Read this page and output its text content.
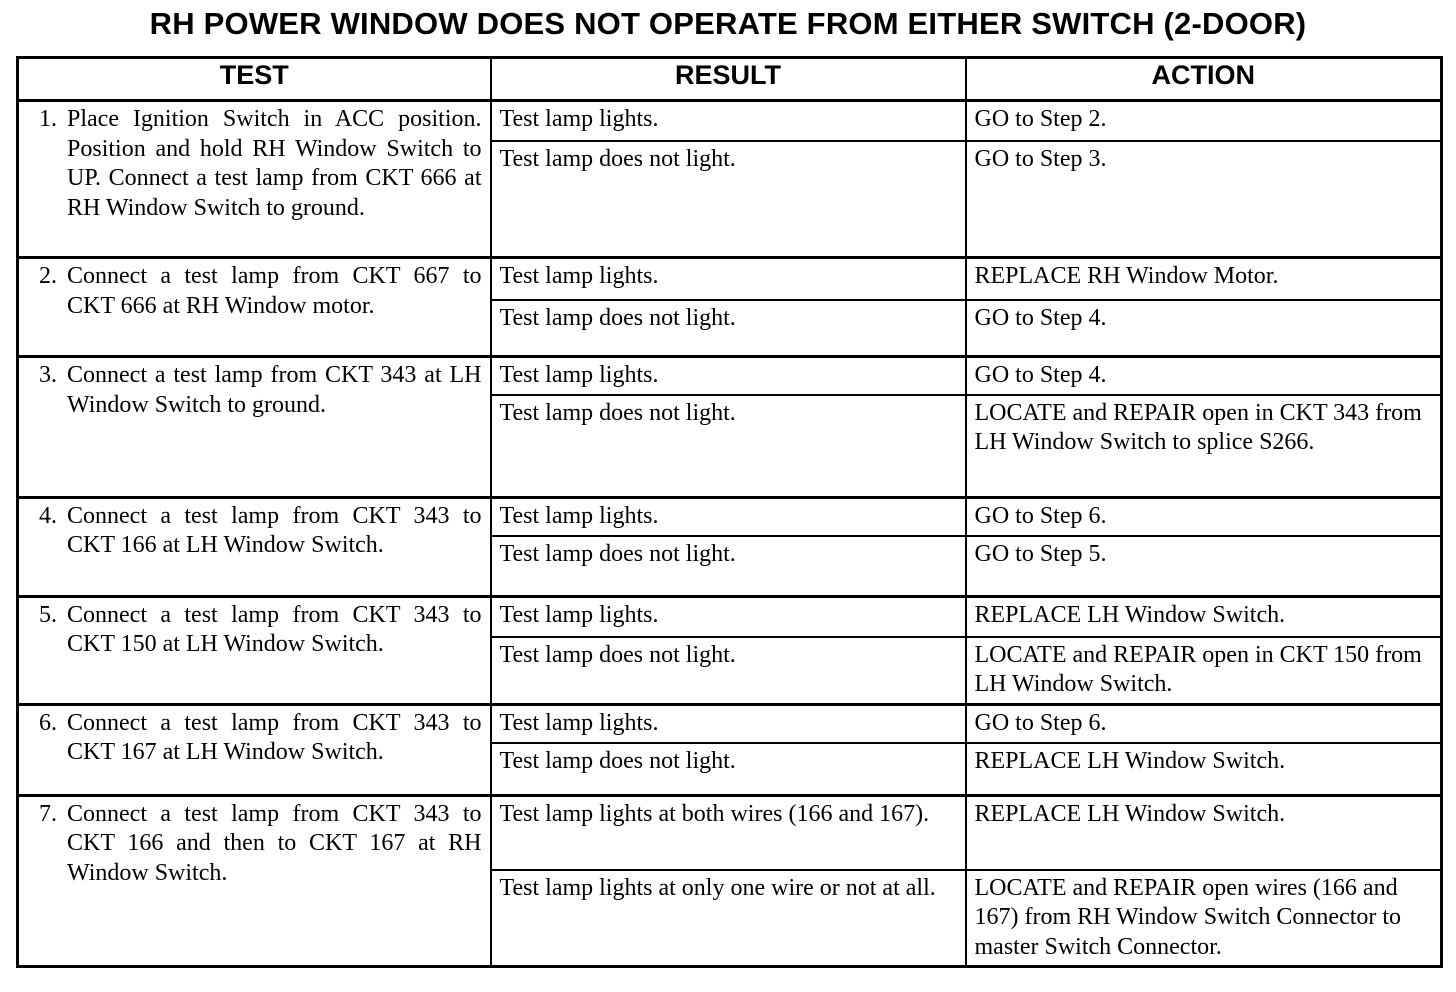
RH POWER WINDOW DOES NOT OPERATE FROM EITHER SWITCH (2-DOOR)
TEST	RESULT	ACTION

1. Place Ignition Switch in ACC position. Position and hold RH Window Switch to UP. Connect a test lamp from CKT 666 at RH Window Switch to ground.	Test lamp lights.	GO to Step 2.
	Test lamp does not light.	GO to Step 3.

2. Connect a test lamp from CKT 667 to CKT 666 at RH Window motor.	Test lamp lights.	REPLACE RH Window Motor.
	Test lamp does not light.	GO to Step 4.

3. Connect a test lamp from CKT 343 at LH Window Switch to ground.	Test lamp lights.	GO to Step 4.
	Test lamp does not light.	LOCATE and REPAIR open in CKT 343 from LH Window Switch to splice S266.

4. Connect a test lamp from CKT 343 to CKT 166 at LH Window Switch.	Test lamp lights.	GO to Step 6.
	Test lamp does not light.	GO to Step 5.

5. Connect a test lamp from CKT 343 to CKT 150 at LH Window Switch.	Test lamp lights.	REPLACE LH Window Switch.
	Test lamp does not light.	LOCATE and REPAIR open in CKT 150 from LH Window Switch.

6. Connect a test lamp from CKT 343 to CKT 167 at LH Window Switch.	Test lamp lights.	GO to Step 6.
	Test lamp does not light.	REPLACE LH Window Switch.

7. Connect a test lamp from CKT 343 to CKT 166 and then to CKT 167 at RH Window Switch.	Test lamp lights at both wires (166 and 167).	REPLACE LH Window Switch.
	Test lamp lights at only one wire or not at all.	LOCATE and REPAIR open wires (166 and 167) from RH Window Switch Connector to master Switch Connector.
